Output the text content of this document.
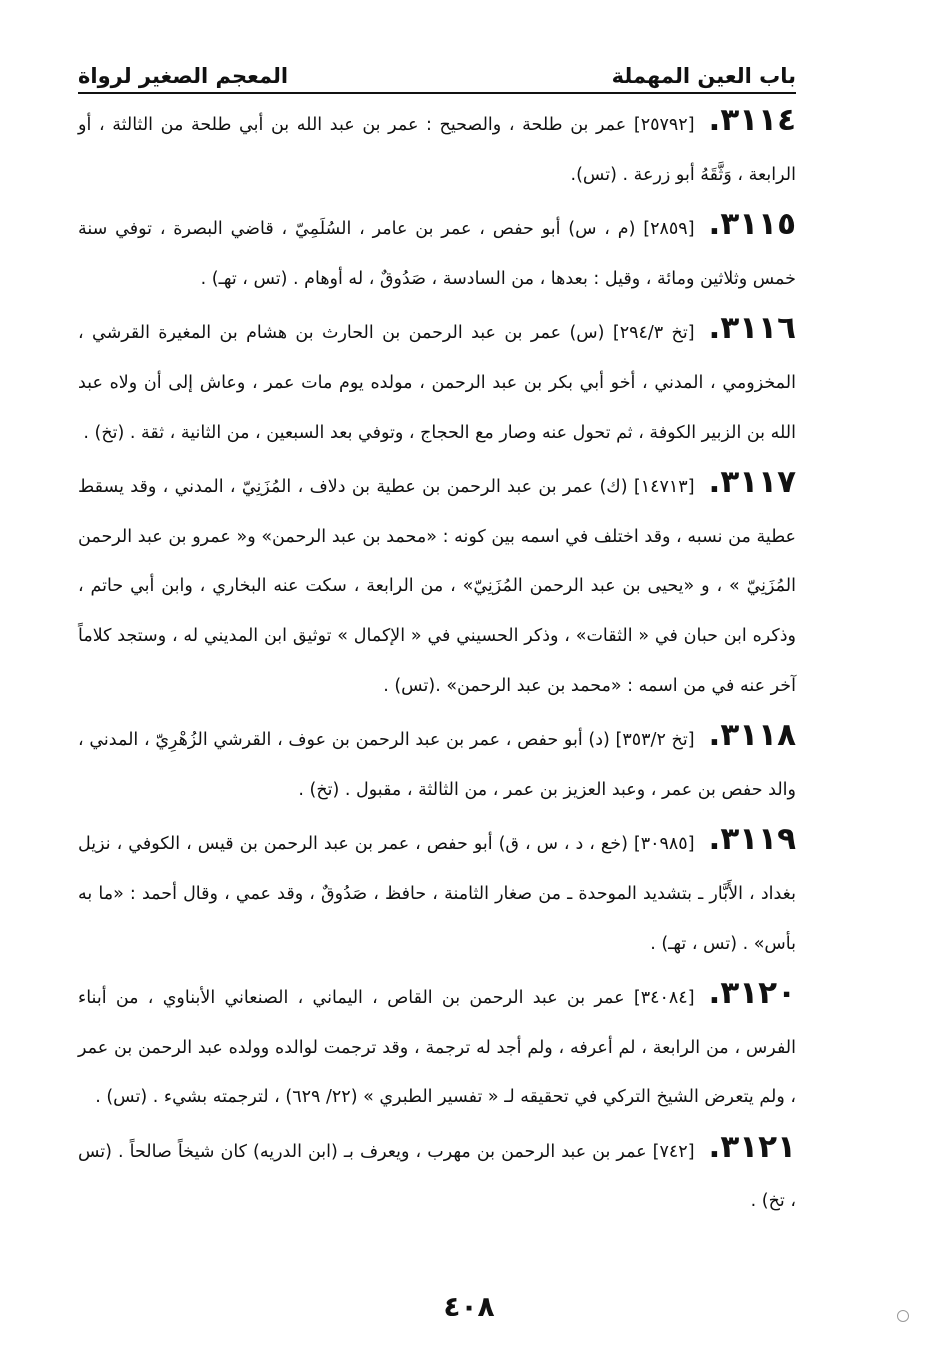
باب العين المهملة
المعجم الصغير لرواة

٣١١٤.[٢٥٧٩٢] عمر بن طلحة ، والصحيح : عمر بن عبد الله بن أبي طلحة من الثالثة ، أو الرابعة ، وَثَّقَهُ أبو زرعة . (تس).

٣١١٥.[٢٨٥٩] (م ، س) أبو حفص ، عمر بن عامر ، السُلَمِيّ ، قاضي البصرة ، توفي سنة خمس وثلاثين ومائة ، وقيل : بعدها ، من السادسة ، صَدُوقٌ ، له أوهام . (تس ، تهـ) .

٣١١٦.[تخ ٢٩٤/٣] (س) عمر بن عبد الرحمن بن الحارث بن هشام بن المغيرة القرشي ، المخزومي ، المدني ، أخو أبي بكر بن عبد الرحمن ، مولده يوم مات عمر ، وعاش إلى أن ولاه عبد الله بن الزبير الكوفة ، ثم تحول عنه وصار مع الحجاج ، وتوفي بعد السبعين ، من الثانية ، ثقة . (تخ) .

٣١١٧.[١٤٧١٣] (ك) عمر بن عبد الرحمن بن عطية بن دلاف ، المُزَنِيّ ، المدني ، وقد يسقط عطية من نسبه ، وقد اختلف في اسمه بين كونه : «محمد بن عبد الرحمن» و« عمرو بن عبد الرحمن المُزَنِيّ » ، و «يحيى بن عبد الرحمن المُزَنِيّ» ، من الرابعة ، سكت عنه البخاري ، وابن أبي حاتم ، وذكره ابن حبان في « الثقات» ، وذكر الحسيني في « الإكمال » توثيق ابن المديني له ، وستجد كلاماً آخر عنه في من اسمه : «محمد بن عبد الرحمن» .(تس) .

٣١١٨.[تخ ٣٥٣/٢] (د) أبو حفص ، عمر بن عبد الرحمن بن عوف ، القرشي الزُهْرِيّ ، المدني ، والد حفص بن عمر ، وعبد العزيز بن عمر ، من الثالثة ، مقبول . (تخ) .

٣١١٩.[٣٠٩٨٥] (خع ، د ، س ، ق) أبو حفص ، عمر بن عبد الرحمن بن قيس ، الكوفي ، نزيل بغداد ، الأَبَّار ـ بتشديد الموحدة ـ من صغار الثامنة ، حافظ ، صَدُوقٌ ، وقد عمي ، وقال أحمد : «ما به بأس» . (تس ، تهـ) .

٣١٢٠.[٣٤٠٨٤] عمر بن عبد الرحمن بن القاص ، اليماني ، الصنعاني الأبناوي ، من أبناء الفرس ، من الرابعة ، لم أعرفه ، ولم أجد له ترجمة ، وقد ترجمت لوالده وولده عبد الرحمن بن عمر ، ولم يتعرض الشيخ التركي في تحقيقه لـ « تفسير الطبري » (٢٢/ ٦٢٩) ، لترجمته بشيء . (تس) .

٣١٢١.[٧٤٢] عمر بن عبد الرحمن بن مهرب ، ويعرف بـ (ابن الدريه) كان شيخاً صالحاً . (تس ، تخ) .

٤٠٨
